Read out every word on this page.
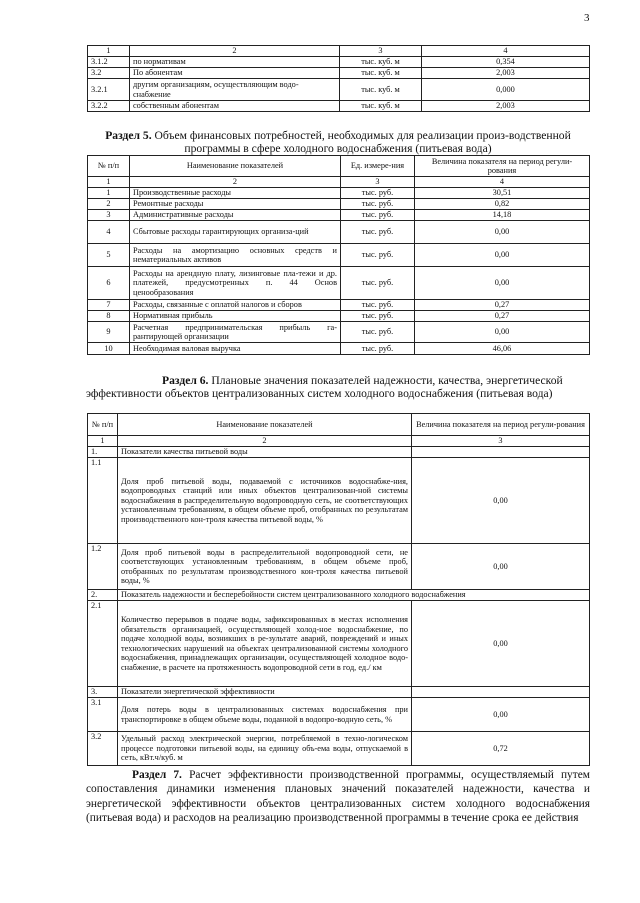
3
1	2	3	4
3.1.2	по нормативам	тыс. куб. м	0,354
3.2	По абонентам	тыс. куб. м	2,003
3.2.1	другим организациям, осуществляющим водо-снабжение	тыс. куб. м	0,000
3.2.2	собственным абонентам	тыс. куб. м	2,003
Раздел 5. Объем финансовых потребностей, необходимых для реализации произ-водственной программы в сфере холодного водоснабжения (питьевая вода)
№ п/п	Наименование показателей	Ед. измере-ния	Величина показателя на период регули-рования
1	2	3	4
1	Производственные расходы	тыс. руб.	30,51
2	Ремонтные расходы	тыс. руб.	0,82
3	Административные расходы	тыс. руб.	14,18
4	Сбытовые расходы гарантирующих организа-ций	тыс. руб.	0,00
5	Расходы на амортизацию основных средств и нематериальных активов	тыс. руб.	0,00
6	Расходы на арендную плату, лизинговые пла-тежи и др. платежей, предусмотренных п. 44 Основ ценообразования	тыс. руб.	0,00
7	Расходы, связанные с оплатой налогов и сборов	тыс. руб.	0,27
8	Нормативная прибыль	тыс. руб.	0,27
9	Расчетная предпринимательская прибыль га-рантирующей организации	тыс. руб.	0,00
10	Необходимая валовая выручка	тыс. руб.	46,06
Раздел 6. Плановые значения показателей надежности, качества, энергетической эффективности объектов централизованных систем холодного водоснабжения (питьевая вода)
№ п/п	Наименование показателей	Величина показателя на период регули-рования
1	2	3
1.	Показатели качества питьевой воды	
1.1	Доля проб питьевой воды, подаваемой с источников водоснабже-ния, водопроводных станций или иных объектов централизован-ной системы водоснабжения в распределительную водопроводную сеть, не соответствующих установленным требованиям, в общем объеме проб, отобранных по результатам производственного кон-троля качества питьевой воды, %	0,00
1.2	Доля проб питьевой воды в распределительной водопроводной сети, не соответствующих установленным требованиям, в общем объеме проб, отобранных по результатам производственного кон-троля качества питьевой воды, %	0,00
2.	Показатель надежности и бесперебойности систем централизованного холодного водоснабжения	
2.1	Количество перерывов в подаче воды, зафиксированных в местах исполнения обязательств организацией, осуществляющей холод-ное водоснабжение, по подаче холодной воды, возникших в ре-зультате аварий, повреждений и иных технологических нарушений на объектах централизованной системы холодного водоснабжения, принадлежащих организации, осуществляющей холодное водо-снабжение, в расчете на протяженность водопроводной сети в год, ед./ км	0,00
3.	Показатели энергетической эффективности	
3.1	Доля потерь воды в централизованных системах водоснабжения при транспортировке в общем объеме воды, поданной в водопро-водную сеть, %	0,00
3.2	Удельный расход электрической энергии, потребляемой в техно-логическом процессе подготовки питьевой воды, на единицу объ-ема воды, отпускаемой в сеть, кВт.ч/куб. м	0,72
Раздел 7. Расчет эффективности производственной программы, осуществляемый путем сопоставления динамики изменения плановых значений показателей надежности, качества и энергетической эффективности объектов централизованных систем холодного водоснабжения (питьевая вода) и расходов на реализацию производственной программы в течение срока ее действия
